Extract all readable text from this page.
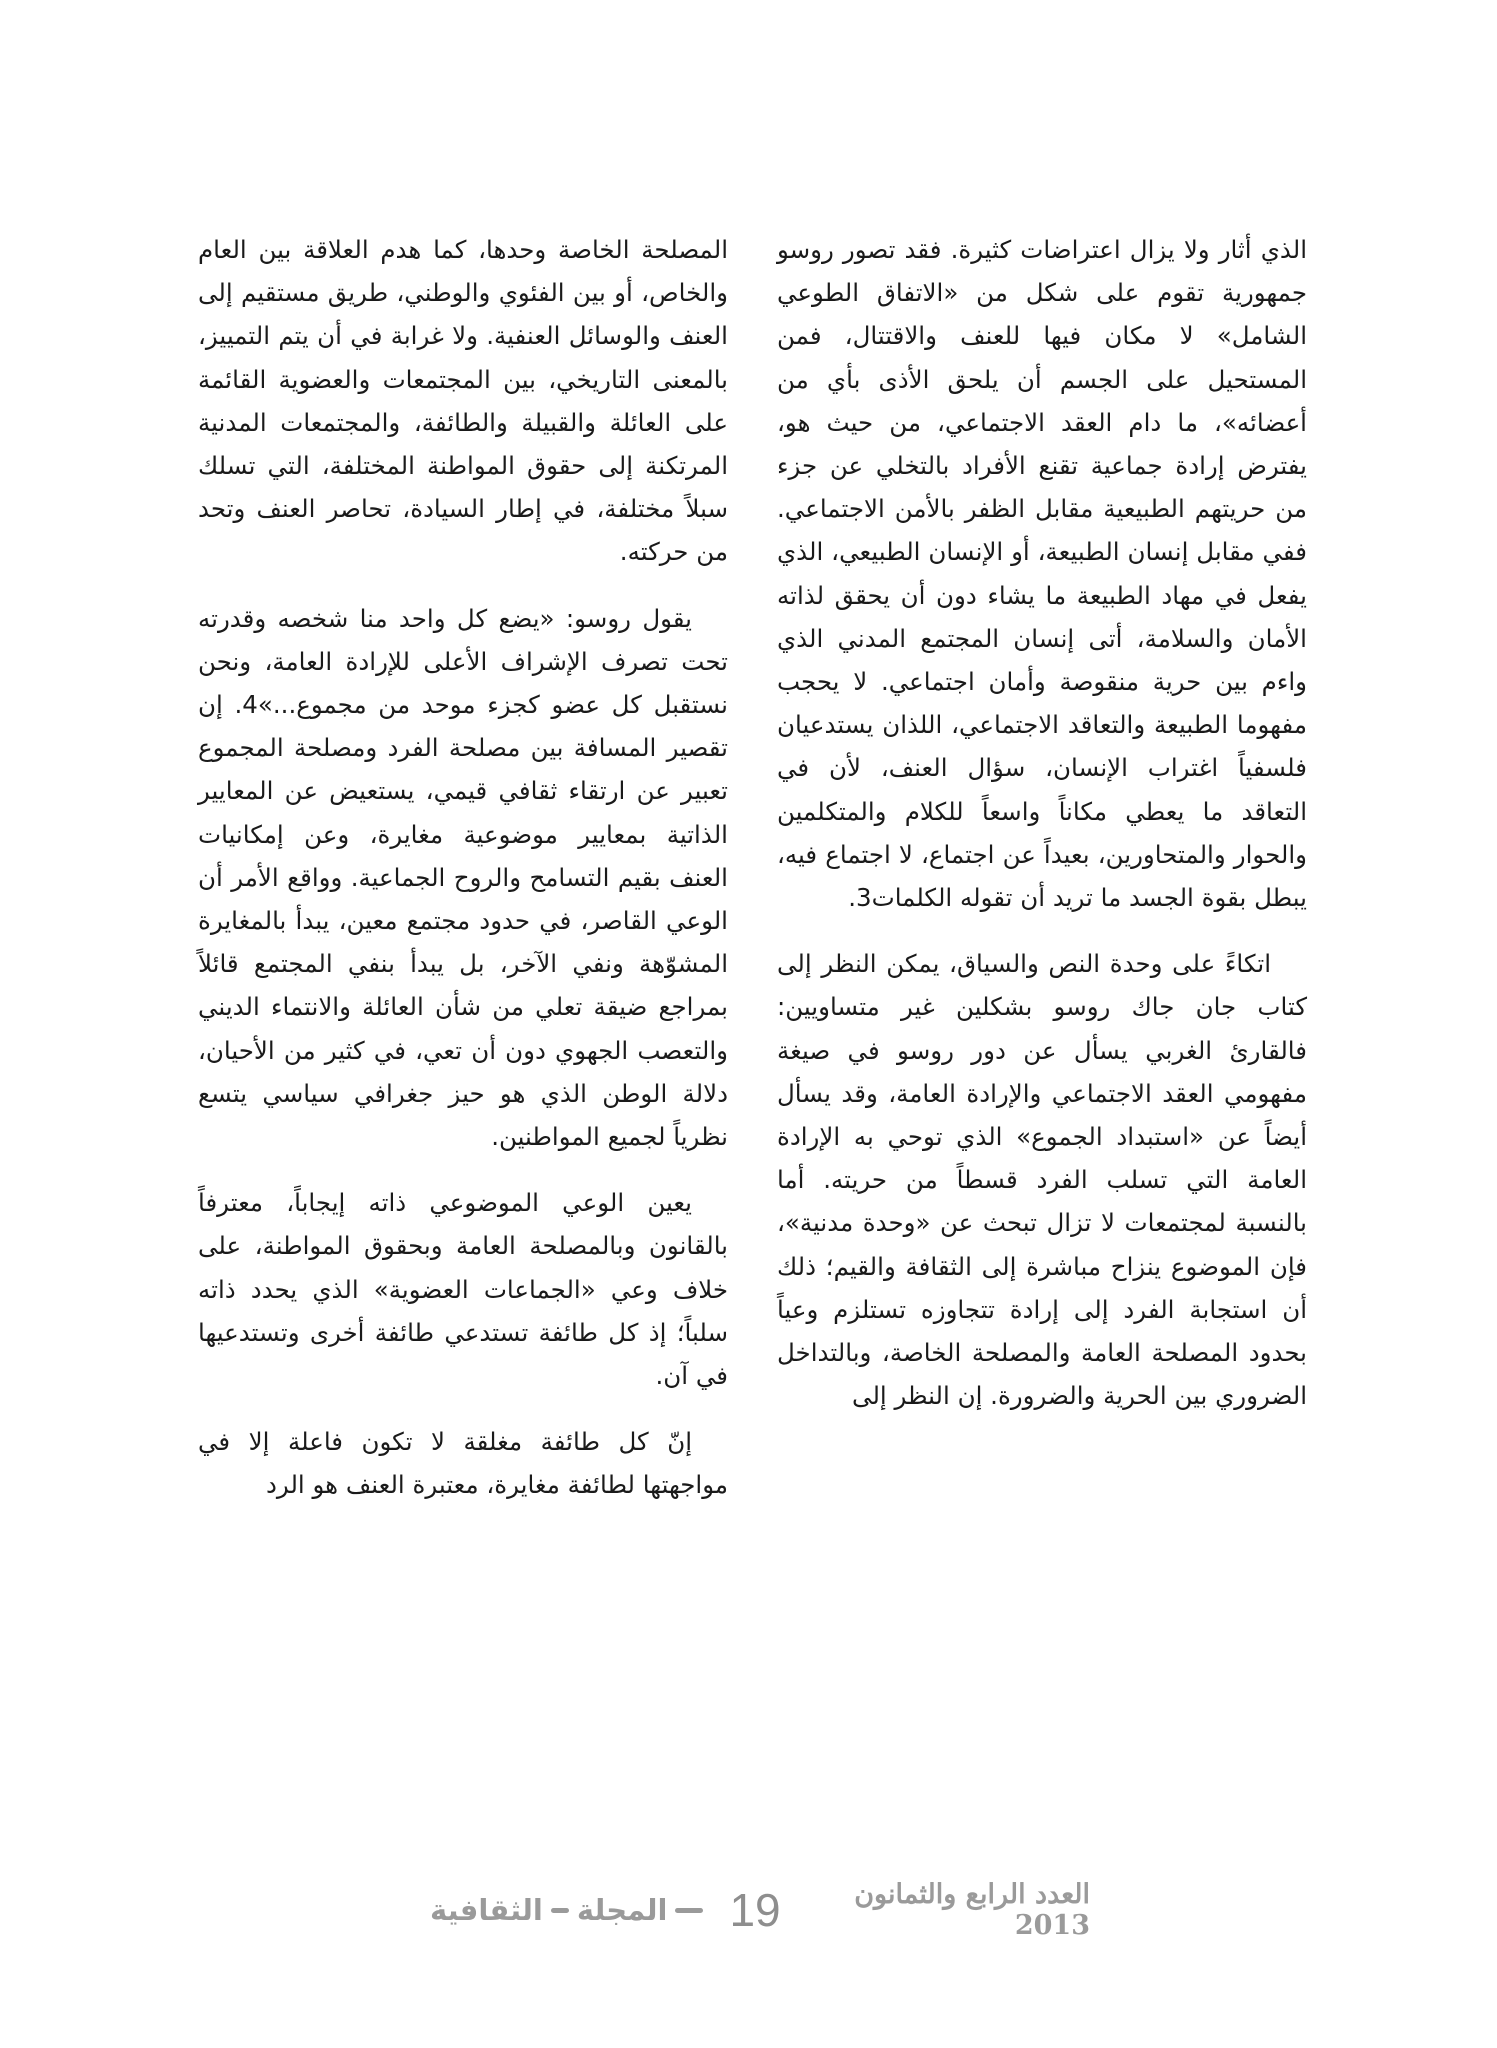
الذي أثار ولا يزال اعتراضات كثيرة. فقد تصور روسو جمهورية تقوم على شكل من «الاتفاق الطوعي الشامل» لا مكان فيها للعنف والاقتتال، فمن المستحيل على الجسم أن يلحق الأذى بأي من أعضائه»، ما دام العقد الاجتماعي، من حيث هو، يفترض إرادة جماعية تقنع الأفراد بالتخلي عن جزء من حريتهم الطبيعية مقابل الظفر بالأمن الاجتماعي. ففي مقابل إنسان الطبيعة، أو الإنسان الطبيعي، الذي يفعل في مهاد الطبيعة ما يشاء دون أن يحقق لذاته الأمان والسلامة، أتى إنسان المجتمع المدني الذي واءم بين حرية منقوصة وأمان اجتماعي. لا يحجب مفهوما الطبيعة والتعاقد الاجتماعي، اللذان يستدعيان فلسفياً اغتراب الإنسان، سؤال العنف، لأن في التعاقد ما يعطي مكاناً واسعاً للكلام والمتكلمين والحوار والمتحاورين، بعيداً عن اجتماع، لا اجتماع فيه، يبطل بقوة الجسد ما تريد أن تقوله الكلمات3.

اتكاءً على وحدة النص والسياق، يمكن النظر إلى كتاب جان جاك روسو بشكلين غير متساويين: فالقارئ الغربي يسأل عن دور روسو في صيغة مفهومي العقد الاجتماعي والإرادة العامة، وقد يسأل أيضاً عن «استبداد الجموع» الذي توحي به الإرادة العامة التي تسلب الفرد قسطاً من حريته. أما بالنسبة لمجتمعات لا تزال تبحث عن «وحدة مدنية»، فإن الموضوع ينزاح مباشرة إلى الثقافة والقيم؛ ذلك أن استجابة الفرد إلى إرادة تتجاوزه تستلزم وعياً بحدود المصلحة العامة والمصلحة الخاصة، وبالتداخل الضروري بين الحرية والضرورة. إن النظر إلى

المصلحة الخاصة وحدها، كما هدم العلاقة بين العام والخاص، أو بين الفئوي والوطني، طريق مستقيم إلى العنف والوسائل العنفية. ولا غرابة في أن يتم التمييز، بالمعنى التاريخي، بين المجتمعات والعضوية القائمة على العائلة والقبيلة والطائفة، والمجتمعات المدنية المرتكنة إلى حقوق المواطنة المختلفة، التي تسلك سبلاً مختلفة، في إطار السيادة، تحاصر العنف وتحد من حركته.

يقول روسو: «يضع كل واحد منا شخصه وقدرته تحت تصرف الإشراف الأعلى للإرادة العامة، ونحن نستقبل كل عضو كجزء موحد من مجموع...»4. إن تقصير المسافة بين مصلحة الفرد ومصلحة المجموع تعبير عن ارتقاء ثقافي قيمي، يستعيض عن المعايير الذاتية بمعايير موضوعية مغايرة، وعن إمكانيات العنف بقيم التسامح والروح الجماعية. وواقع الأمر أن الوعي القاصر، في حدود مجتمع معين، يبدأ بالمغايرة المشوّهة ونفي الآخر، بل يبدأ بنفي المجتمع قائلاً بمراجع ضيقة تعلي من شأن العائلة والانتماء الديني والتعصب الجهوي دون أن تعي، في كثير من الأحيان، دلالة الوطن الذي هو حيز جغرافي سياسي يتسع نظرياً لجميع المواطنين.

يعين الوعي الموضوعي ذاته إيجاباً، معترفاً بالقانون وبالمصلحة العامة وبحقوق المواطنة، على خلاف وعي «الجماعات العضوية» الذي يحدد ذاته سلباً؛ إذ كل طائفة تستدعي طائفة أخرى وتستدعيها في آن.

إنّ كل طائفة مغلقة لا تكون فاعلة إلا في مواجهتها لطائفة مغايرة، معتبرة العنف هو الرد

المجلة
الثقافية	19	العدد الرابع والثمانون 2013
